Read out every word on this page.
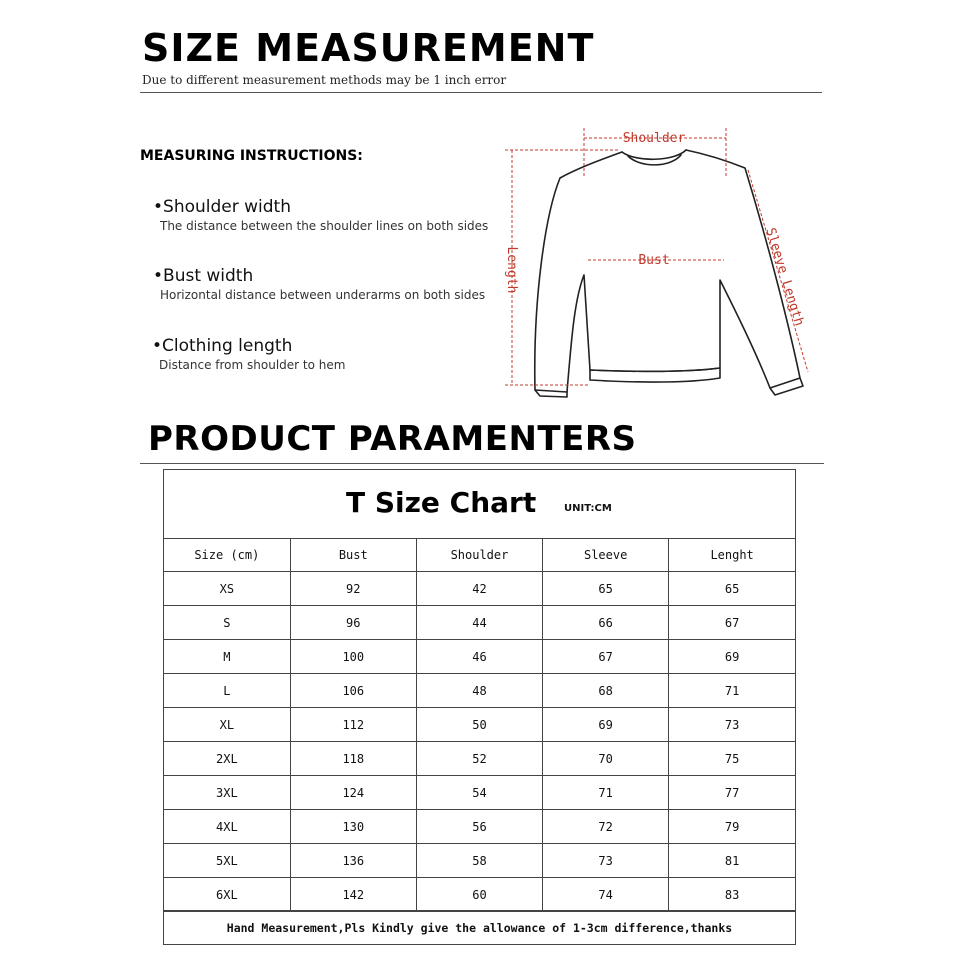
SIZE MEASUREMENT
Due to different measurement methods may be 1 inch error
MEASURING INSTRUCTIONS:
•Shoulder width
The distance between the shoulder lines on both sides
•Bust width
Horizontal distance between underarms on both sides
•Clothing length
Distance from shoulder to hem
Shoulder
Bust
Length	Sleeve Length
PRODUCT PARAMENTERS
T Size Chart	UNIT:CM
Size (cm)	Bust	Shoulder	Sleeve	Lenght
XS	92	42	65	65
S	96	44	66	67
M	100	46	67	69
L	106	48	68	71
XL	112	50	69	73
2XL	118	52	70	75
3XL	124	54	71	77
4XL	130	56	72	79
5XL	136	58	73	81
6XL	142	60	74	83
Hand Measurement,Pls Kindly give the allowance of 1-3cm difference,thanks
